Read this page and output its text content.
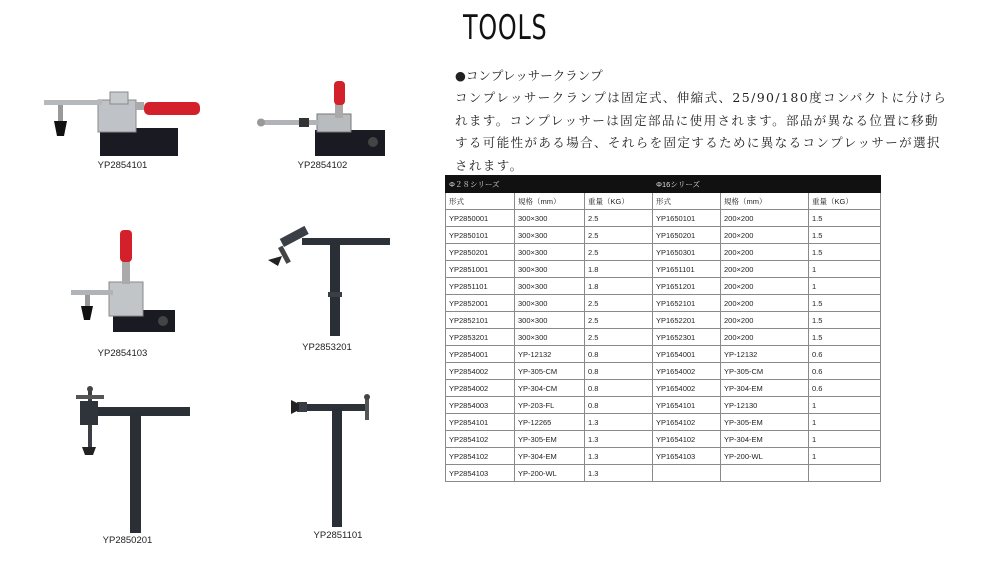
YP2854101	YP2854102
YP2854103
YP2853201
YP2850201	YP2851101
TOOLS
●コンプレッサークランプ
コンプレッサークランプは固定式、伸縮式、25/90/180度コンパクトに分けられます。コンプレッサーは固定部品に使用されます。部品が異なる位置に移動する可能性がある場合、それらを固定するために異なるコンプレッサーが選択されます。
Φ２８シリーズ			Φ16シリーズ		
形式	規格（mm）	重量（KG）	形式	規格（mm）	重量（KG）
YP2850001	300×300	2.5	YP1650101	200×200	1.5
YP2850101	300×300	2.5	YP1650201	200×200	1.5
YP2850201	300×300	2.5	YP1650301	200×200	1.5
YP2851001	300×300	1.8	YP1651101	200×200	1
YP2851101	300×300	1.8	YP1651201	200×200	1
YP2852001	300×300	2.5	YP1652101	200×200	1.5
YP2852101	300×300	2.5	YP1652201	200×200	1.5
YP2853201	300×300	2.5	YP1652301	200×200	1.5
YP2854001	YP-12132	0.8	YP1654001	YP-12132	0.6
YP2854002	YP-305-CM	0.8	YP1654002	YP-305-CM	0.6
YP2854002	YP-304-CM	0.8	YP1654002	YP-304-EM	0.6
YP2854003	YP-203-FL	0.8	YP1654101	YP-12130	1
YP2854101	YP-12265	1.3	YP1654102	YP-305-EM	1
YP2854102	YP-305-EM	1.3	YP1654102	YP-304-EM	1
YP2854102	YP-304-EM	1.3	YP1654103	YP-200-WL	1
YP2854103	YP-200-WL	1.3			
